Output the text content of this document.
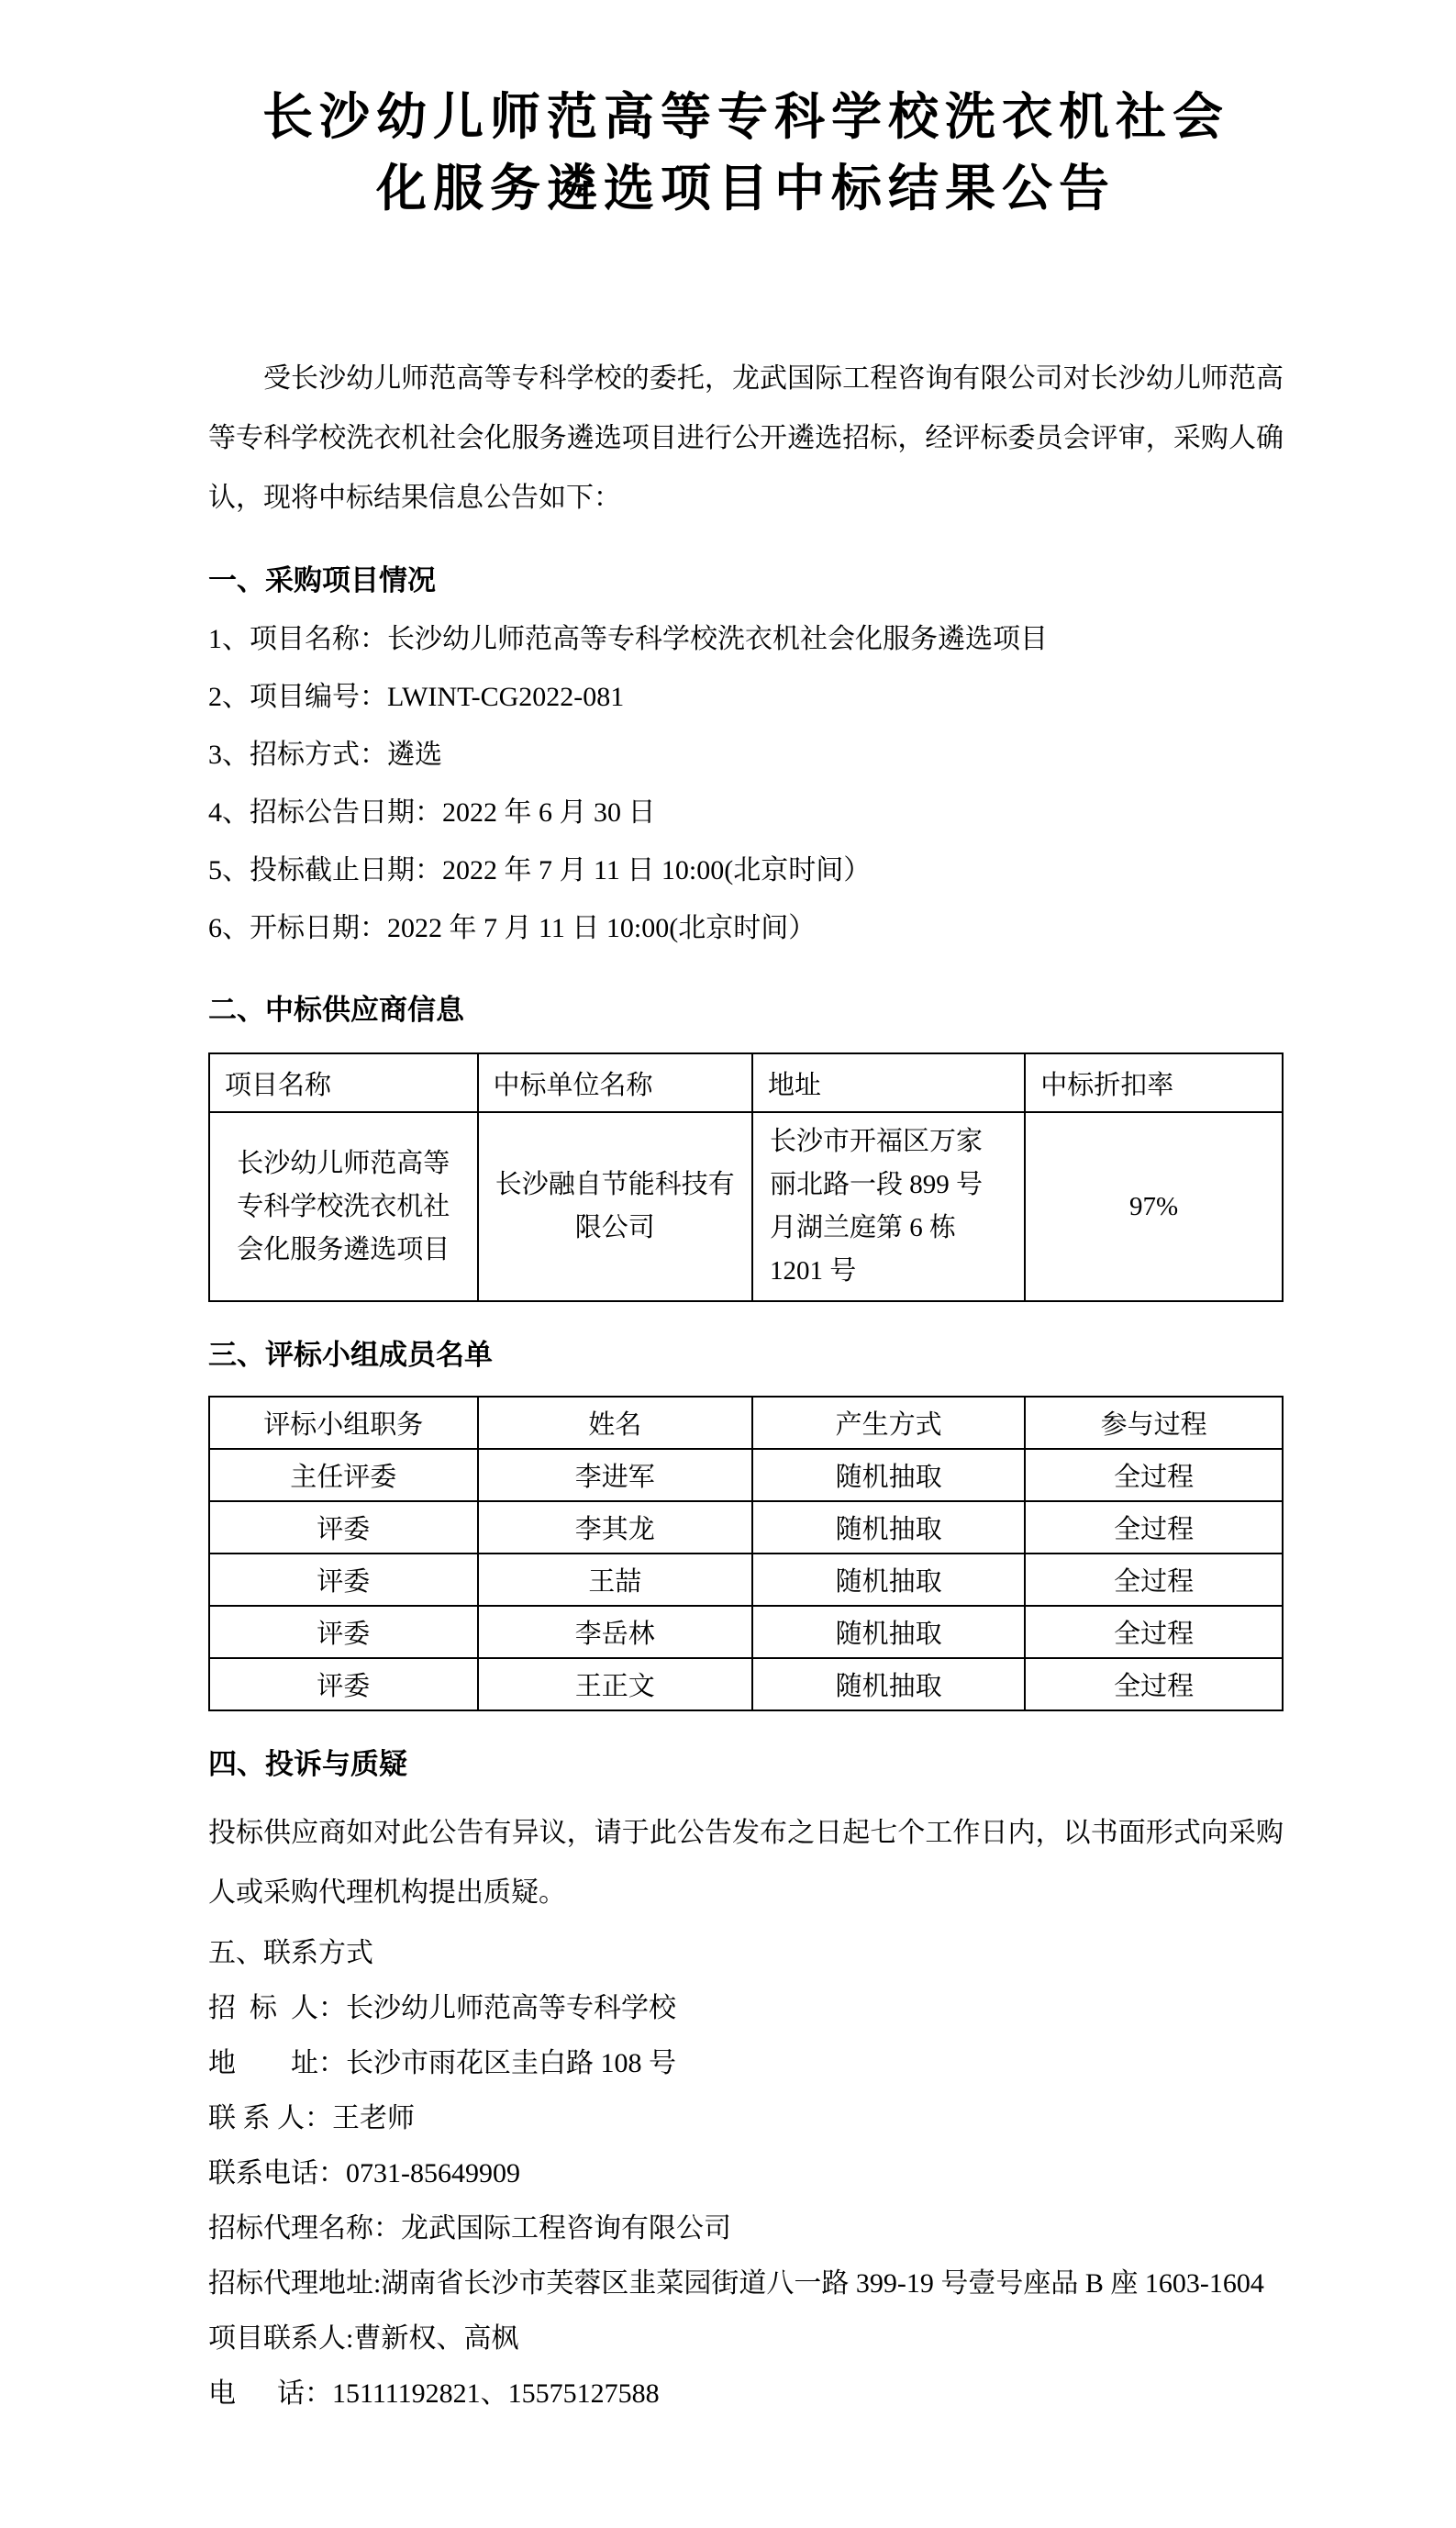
长沙幼儿师范高等专科学校洗衣机社会
化服务遴选项目中标结果公告
受长沙幼儿师范高等专科学校的委托，龙武国际工程咨询有限公司对长沙幼儿师范高等专科学校洗衣机社会化服务遴选项目进行公开遴选招标，经评标委员会评审，采购人确认，现将中标结果信息公告如下：
一、采购项目情况
1、项目名称：长沙幼儿师范高等专科学校洗衣机社会化服务遴选项目
2、项目编号：LWINT-CG2022-081
3、招标方式：遴选
4、招标公告日期：2022 年 6 月 30 日
5、投标截止日期：2022 年 7 月 11 日 10:00(北京时间）
6、开标日期：2022 年 7 月 11 日 10:00(北京时间）
二、中标供应商信息
项目名称	中标单位名称	地址	中标折扣率
长沙幼儿师范高等专科学校洗衣机社会化服务遴选项目	长沙融自节能科技有限公司	长沙市开福区万家丽北路一段 899 号月湖兰庭第 6 栋 1201 号	97%
三、评标小组成员名单
评标小组职务	姓名	产生方式	参与过程
主任评委	李进军	随机抽取	全过程
评委	李其龙	随机抽取	全过程
评委	王喆	随机抽取	全过程
评委	李岳林	随机抽取	全过程
评委	王正文	随机抽取	全过程
四、投诉与质疑
投标供应商如对此公告有异议，请于此公告发布之日起七个工作日内，以书面形式向采购人或采购代理机构提出质疑。
五、联系方式
招  标  人：长沙幼儿师范高等专科学校
地        址：长沙市雨花区圭白路 108 号
联 系 人：王老师
联系电话：0731-85649909
招标代理名称：龙武国际工程咨询有限公司
招标代理地址:湖南省长沙市芙蓉区韭菜园街道八一路 399-19 号壹号座品 B 座 1603-1604
项目联系人:曹新权、高枫
电      话：15111192821、15575127588
